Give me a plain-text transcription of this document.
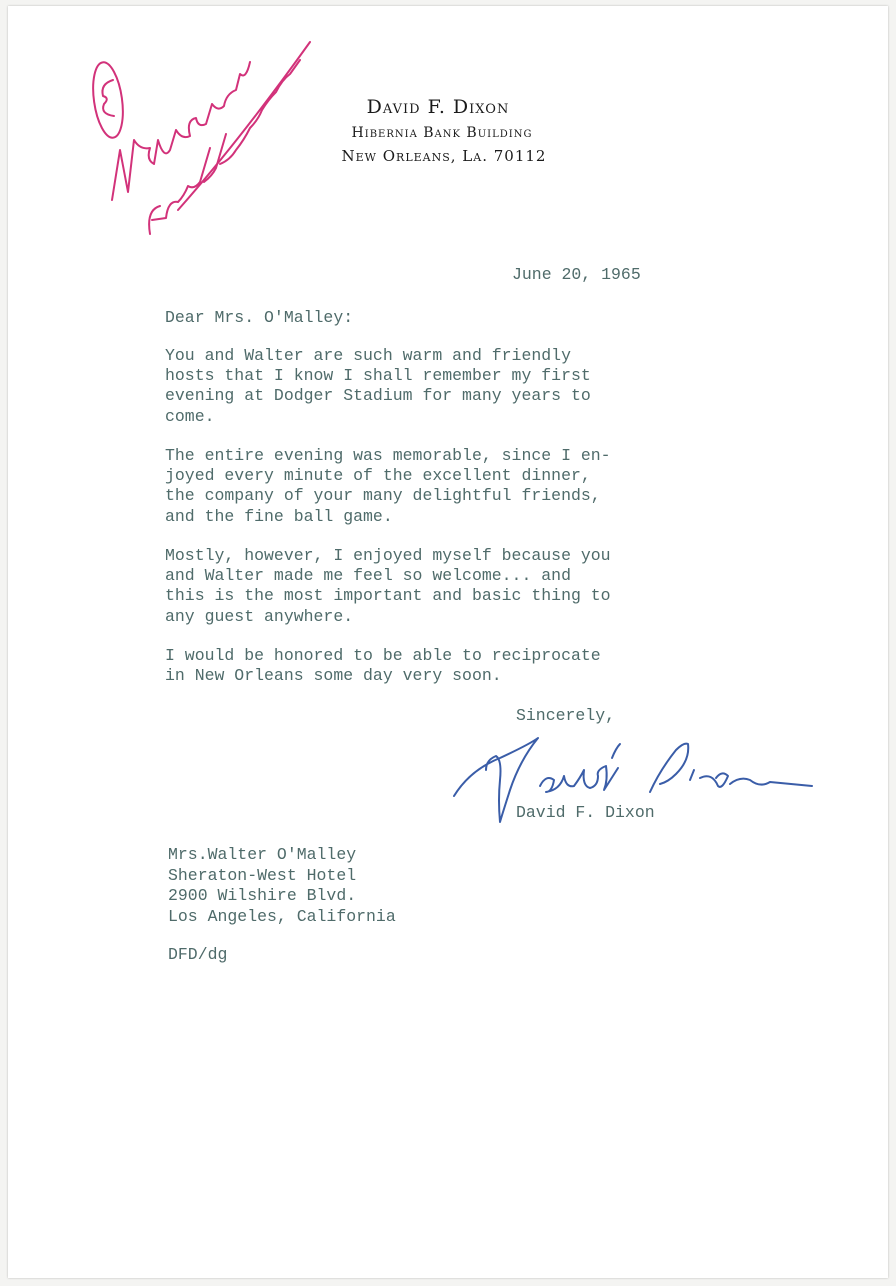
David F. Dixon
Hibernia Bank Building
New Orleans, La. 70112
June 20, 1965
Dear Mrs. O'Malley:
You and Walter are such warm and friendly
hosts that I know I shall remember my first
evening at Dodger Stadium for many years to
come.
The entire evening was memorable, since I en-
joyed every minute of the excellent dinner,
the company of your many delightful friends,
and the fine ball game.
Mostly, however, I enjoyed myself because you
and Walter made me feel so welcome... and
this is the most important and basic thing to
any guest anywhere.
I would be honored to be able to reciprocate
in New Orleans some day very soon.
Sincerely,
David F. Dixon
Mrs.Walter O'Malley
Sheraton-West Hotel
2900 Wilshire Blvd.
Los Angeles, California
DFD/dg
